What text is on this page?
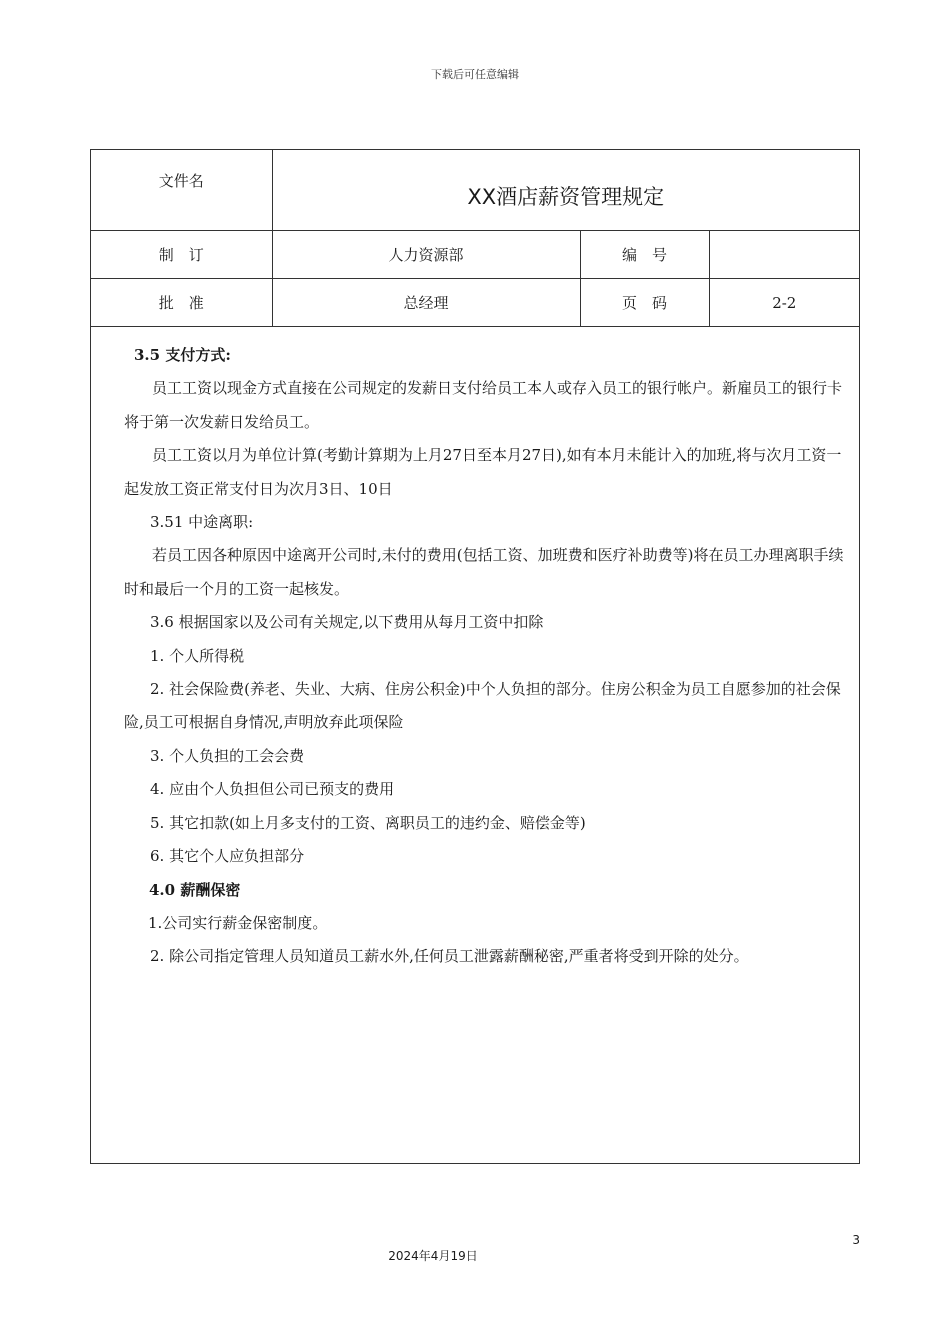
下载后可任意编辑
文件名	XX酒店薪资管理规定		
制　订	人力资源部	编　号	
批　准	总经理	页　码	2-2

3.5 支付方式:

员工工资以现金方式直接在公司规定的发薪日支付给员工本人或存入员工的银行帐户。新雇员工的银行卡将于第一次发薪日发给员工。

员工工资以月为单位计算(考勤计算期为上月27日至本月27日),如有本月未能计入的加班,将与次月工资一起发放工资正常支付日为次月3日、10日

3.51 中途离职:

若员工因各种原因中途离开公司时,未付的费用(包括工资、加班费和医疗补助费等)将在员工办理离职手续时和最后一个月的工资一起核发。

3.6 根据国家以及公司有关规定,以下费用从每月工资中扣除

1. 个人所得税

2. 社会保险费(养老、失业、大病、住房公积金)中个人负担的部分。住房公积金为员工自愿参加的社会保险,员工可根据自身情况,声明放弃此项保险

3. 个人负担的工会会费

4. 应由个人负担但公司已预支的费用

5. 其它扣款(如上月多支付的工资、离职员工的违约金、赔偿金等)

6. 其它个人应负担部分

4.0 薪酬保密

1.公司实行薪金保密制度。

2. 除公司指定管理人员知道员工薪水外,任何员工泄露薪酬秘密,严重者将受到开除的处分。

3
2024年4月19日
